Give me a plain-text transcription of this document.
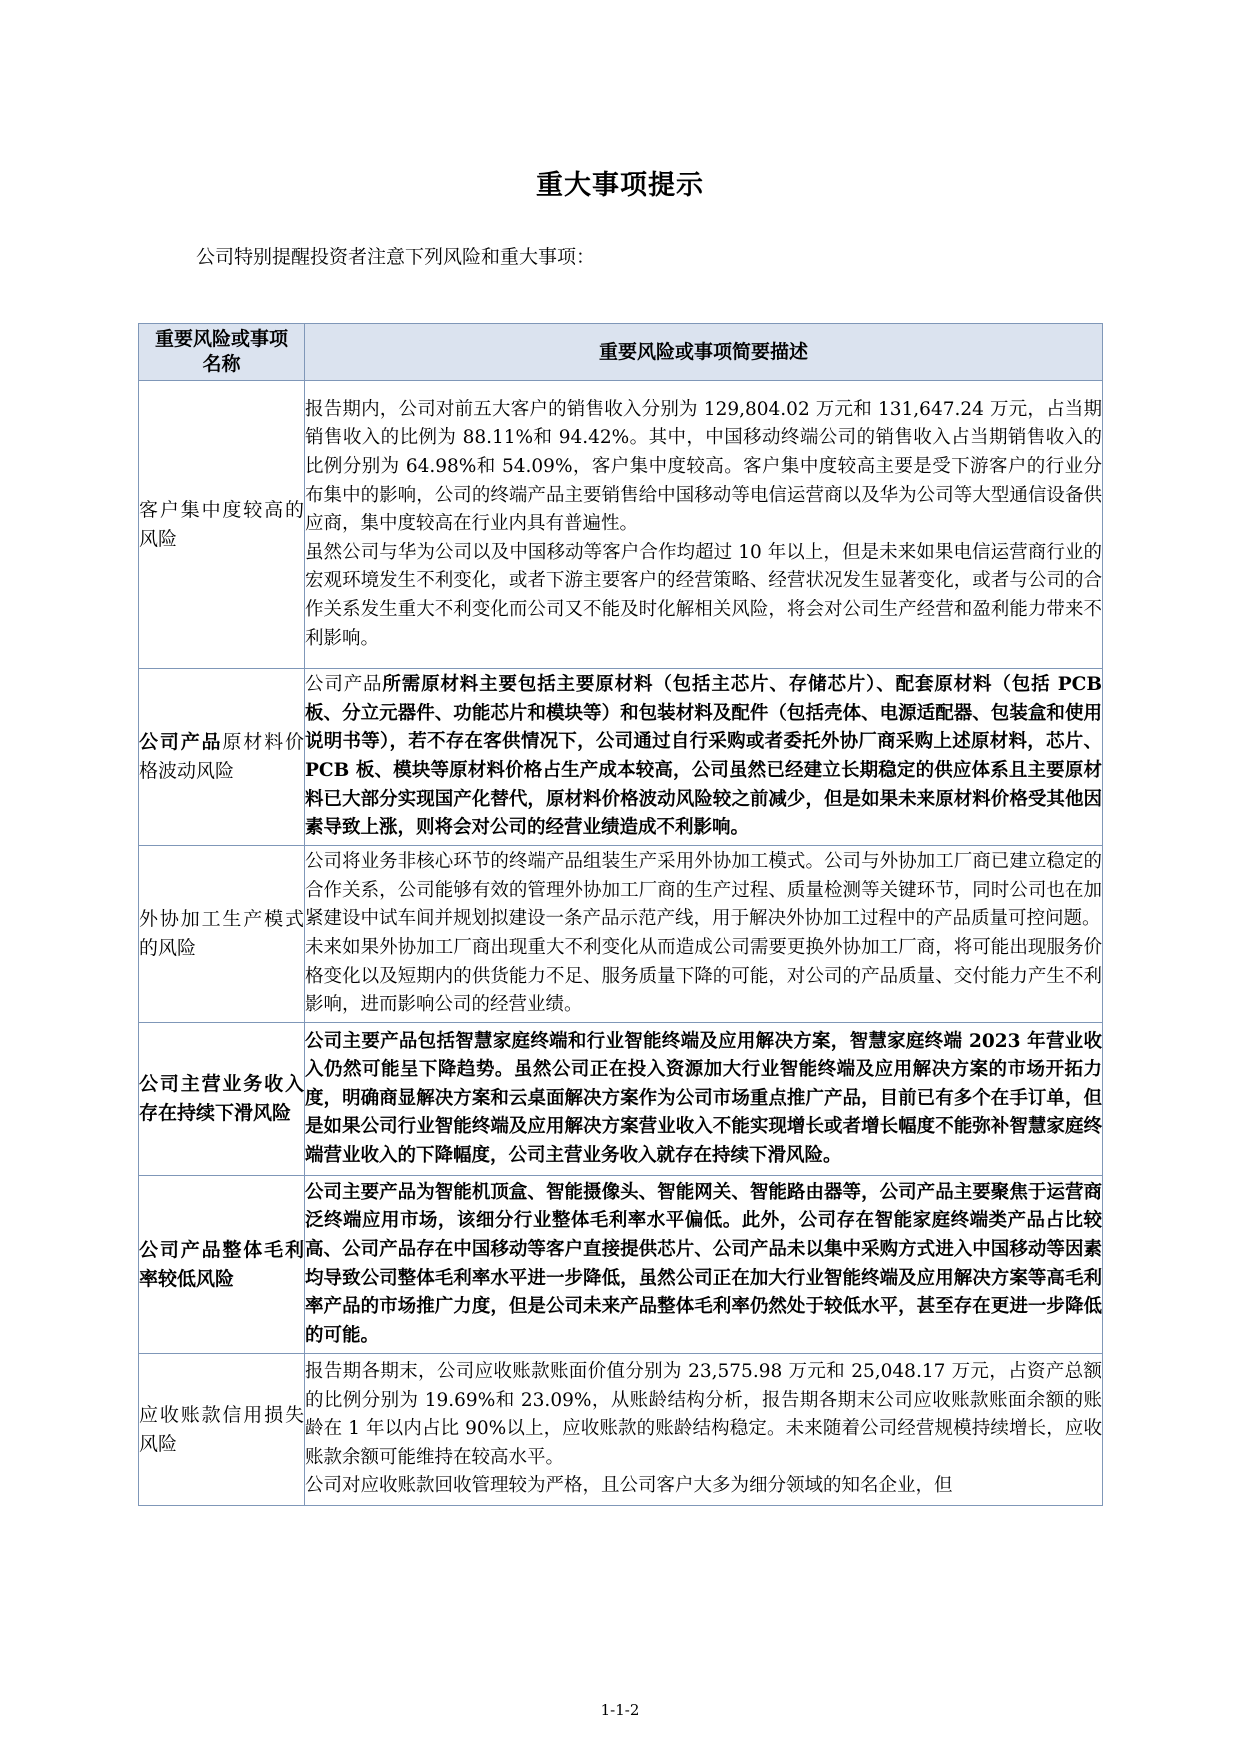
重大事项提示
公司特别提醒投资者注意下列风险和重大事项：
重要风险或事项名称	重要风险或事项简要描述
客户集中度较高的风险	报告期内，公司对前五大客户的销售收入分别为 129,804.02 万元和 131,647.24 万元，占当期销售收入的比例为 88.11%和 94.42%。其中，中国移动终端公司的销售收入占当期销售收入的比例分别为 64.98%和 54.09%，客户集中度较高。客户集中度较高主要是受下游客户的行业分布集中的影响，公司的终端产品主要销售给中国移动等电信运营商以及华为公司等大型通信设备供应商，集中度较高在行业内具有普遍性。

虽然公司与华为公司以及中国移动等客户合作均超过 10 年以上，但是未来如果电信运营商行业的宏观环境发生不利变化，或者下游主要客户的经营策略、经营状况发生显著变化，或者与公司的合作关系发生重大不利变化而公司又不能及时化解相关风险，将会对公司生产经营和盈利能力带来不利影响。

公司产品原材料价格波动风险	公司产品所需原材料主要包括主要原材料（包括主芯片、存储芯片）、配套原材料（包括 PCB 板、分立元器件、功能芯片和模块等）和包装材料及配件（包括壳体、电源适配器、包装盒和使用说明书等），若不存在客供情况下，公司通过自行采购或者委托外协厂商采购上述原材料，芯片、PCB 板、模块等原材料价格占生产成本较高，公司虽然已经建立长期稳定的供应体系且主要原材料已大部分实现国产化替代，原材料价格波动风险较之前减少，但是如果未来原材料价格受其他因素导致上涨，则将会对公司的经营业绩造成不利影响。

外协加工生产模式的风险	公司将业务非核心环节的终端产品组装生产采用外协加工模式。公司与外协加工厂商已建立稳定的合作关系，公司能够有效的管理外协加工厂商的生产过程、质量检测等关键环节，同时公司也在加紧建设中试车间并规划拟建设一条产品示范产线，用于解决外协加工过程中的产品质量可控问题。

未来如果外协加工厂商出现重大不利变化从而造成公司需要更换外协加工厂商，将可能出现服务价格变化以及短期内的供货能力不足、服务质量下降的可能，对公司的产品质量、交付能力产生不利影响，进而影响公司的经营业绩。

公司主营业务收入存在持续下滑风险	公司主要产品包括智慧家庭终端和行业智能终端及应用解决方案，智慧家庭终端 2023 年营业收入仍然可能呈下降趋势。虽然公司正在投入资源加大行业智能终端及应用解决方案的市场开拓力度，明确商显解决方案和云桌面解决方案作为公司市场重点推广产品，目前已有多个在手订单，但是如果公司行业智能终端及应用解决方案营业收入不能实现增长或者增长幅度不能弥补智慧家庭终端营业收入的下降幅度，公司主营业务收入就存在持续下滑风险。

公司产品整体毛利率较低风险	公司主要产品为智能机顶盒、智能摄像头、智能网关、智能路由器等，公司产品主要聚焦于运营商泛终端应用市场，该细分行业整体毛利率水平偏低。此外，公司存在智能家庭终端类产品占比较高、公司产品存在中国移动等客户直接提供芯片、公司产品未以集中采购方式进入中国移动等因素均导致公司整体毛利率水平进一步降低，虽然公司正在加大行业智能终端及应用解决方案等高毛利率产品的市场推广力度，但是公司未来产品整体毛利率仍然处于较低水平，甚至存在更进一步降低的可能。

应收账款信用损失风险	报告期各期末，公司应收账款账面价值分别为 23,575.98 万元和 25,048.17 万元，占资产总额的比例分别为 19.69%和 23.09%，从账龄结构分析，报告期各期末公司应收账款账面余额的账龄在 1 年以内占比 90%以上，应收账款的账龄结构稳定。未来随着公司经营规模持续增长，应收账款余额可能维持在较高水平。

公司对应收账款回收管理较为严格，且公司客户大多为细分领域的知名企业，但

1-1-2
